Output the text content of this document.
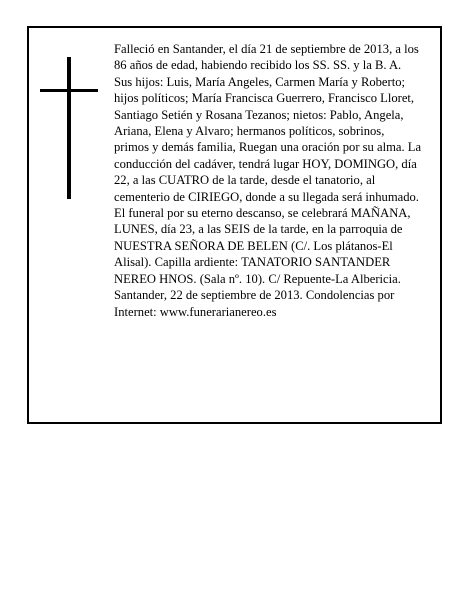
Falleció en Santander, el día 21 de septiembre de 2013, a los 86 años de edad, habiendo recibido los SS. SS. y la B. A.

Sus hijos: Luis, María Angeles, Carmen María y Roberto; hijos políticos; María Francisca Guerrero, Francisco Lloret, Santiago Setién y Rosana Tezanos; nietos: Pablo, Angela, Ariana, Elena y Alvaro; hermanos políticos, sobrinos, primos y demás familia, Ruegan una oración por su alma. La conducción del cadáver, tendrá lugar HOY, DOMINGO, día 22, a las CUATRO de la tarde, desde el tanatorio, al cementerio de CIRIEGO, donde a su llegada será inhumado. El funeral por su eterno descanso, se celebrará MAÑANA, LUNES, día 23, a las SEIS de la tarde, en la parroquia de NUESTRA SEÑORA DE BELEN (C/. Los plátanos-El Alisal). Capilla ardiente: TANATORIO SANTANDER NEREO HNOS. (Sala nº. 10). C/ Repuente-La Albericia.

Santander, 22 de septiembre de 2013. Condolencias por Internet: www.funerarianereo.es
